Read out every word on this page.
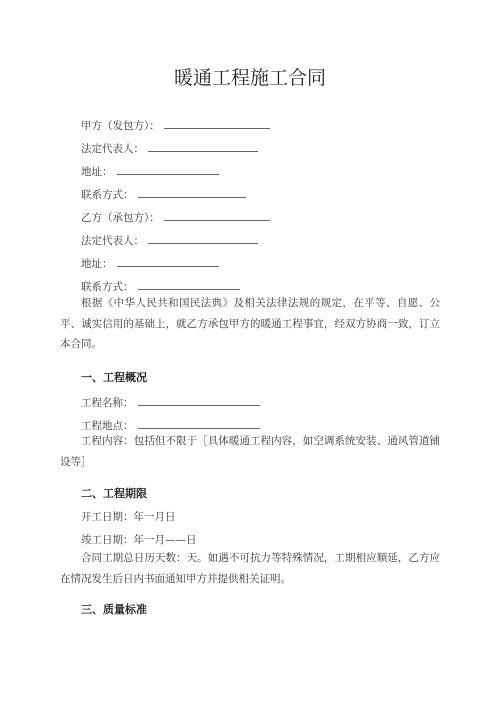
暖通工程施工合同
甲方（发包方）：
法定代表人：
地址：
联系方式：
乙方（承包方）：
法定代表人：
地址：
联系方式：
根据《中华人民共和国民法典》及相关法律法规的规定，在平等、自愿、公平、诚实信用的基础上，就乙方承包甲方的暖通工程事宜，经双方协商一致，订立本合同。
一、工程概况
工程名称：
工程地点：
工程内容：包括但不限于［具体暖通工程内容，如空调系统安装、通风管道铺设等］
二、工程期限
开工日期：年一月日
竣工日期：年一月——日
合同工期总日历天数：天。如遇不可抗力等特殊情况，工期相应顺延，乙方应在情况发生后日内书面通知甲方并提供相关证明。
三、质量标准
